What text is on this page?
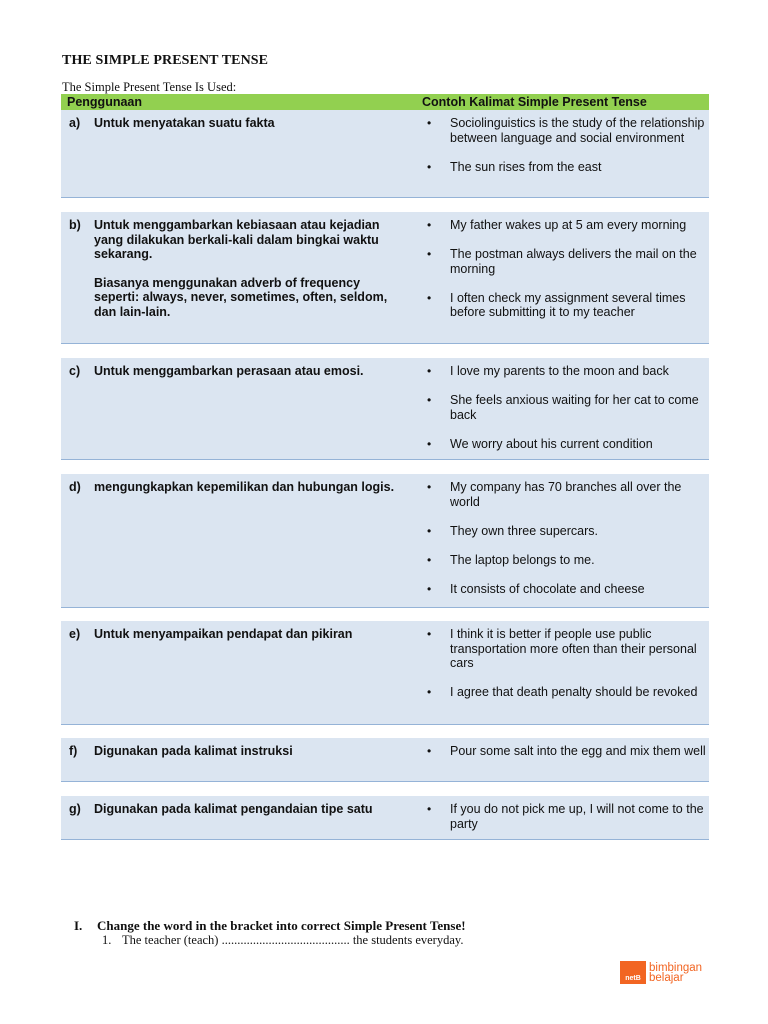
THE SIMPLE PRESENT TENSE
The Simple Present Tense Is Used:
Penggunaan	Contoh Kalimat Simple Present Tense
a)	Untuk menyatakan suatu fakta	•	Sociolinguistics is the study of the relationship between language and social environment
•	The sun rises from the east
b)	Untuk menggambarkan kebiasaan atau kejadian yang dilakukan berkali-kali dalam bingkai waktu sekarang.
Biasanya menggunakan adverb of frequency seperti: always, never, sometimes, often, seldom, dan lain-lain.
•	My father wakes up at 5 am every morning
•	The postman always delivers the mail on the morning
•	I often check my assignment several times before submitting it to my teacher
c)	Untuk menggambarkan perasaan atau emosi.	•	I love my parents to the moon and back
•	She feels anxious waiting for her cat to come back
•	We worry about his current condition
d)	mengungkapkan kepemilikan dan hubungan logis.	•	My company has 70 branches all over the world
•	They own three supercars.
•	The laptop belongs to me.
•	It consists of chocolate and cheese
e)	Untuk menyampaikan pendapat dan pikiran	•	I think it is better if people use public transportation more often than their personal cars
•	I agree that death penalty should be revoked
f)	Digunakan pada kalimat instruksi	•	Pour some salt into the egg and mix them well
g)	Digunakan pada kalimat pengandaian tipe satu	•	If you do not pick me up, I will not come to the party
I. Change the word in the bracket into correct Simple Present Tense!
1. The teacher (teach) ......................................... the students everyday.
netB
bimbingan
belajar
